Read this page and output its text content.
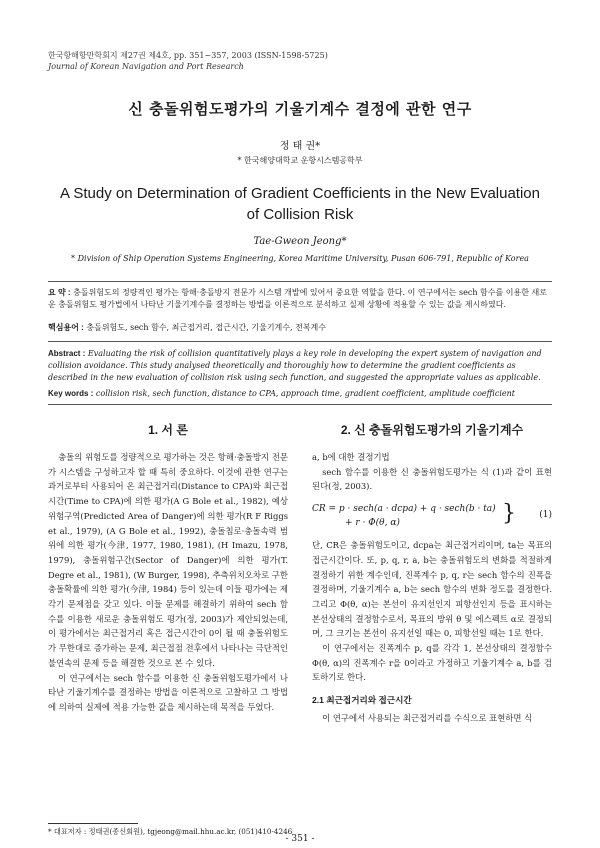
한국항해항만학회지 제27권 제4호, pp. 351~357, 2003 (ISSN-1598-5725)
Journal of Korean Navigation and Port Research
신 충돌위험도평가의 기울기계수 결정에 관한 연구
정 태 권*
* 한국해양대학교 운항시스템공학부
A Study on Determination of Gradient Coefficients in the New Evaluation of Collision Risk
Tae-Gweon Jeong*
* Division of Ship Operation Systems Engineering, Korea Maritime University, Pusan 606-791, Republic of Korea
요 약 : 충돌위험도의 정량적인 평가는 항해·충돌방지 전문가 시스템 개발에 있어서 중요한 역할을 한다. 이 연구에서는 sech 함수를 이용한 새로운 충돌위험도 평가법에서 나타난 기울기계수를 결정하는 방법을 이론적으로 분석하고 실제 상황에 적용할 수 있는 값을 제시하였다.
핵심용어 : 충돌위험도, sech 함수, 최근접거리, 접근시간, 기울기계수, 전복계수
Abstract : Evaluating the risk of collision quantitatively plays a key role in developing the expert system of navigation and collision avoidance. This study analysed theoretically and thoroughly how to determine the gradient coefficients as described in the new evaluation of collision risk using sech function, and suggested the appropriate values as applicable.
Key words : collision risk, sech function, distance to CPA, approach time, gradient coefficient, amplitude coefficient
1. 서 론

충돌의 위험도를 정량적으로 평가하는 것은 항해·충돌방지 전문가 시스템을 구성하고자 할 때 특히 중요하다. 이것에 관한 연구는 과거로부터 사용되어 온 최근접거리(Distance to CPA)와 최근접시간(Time to CPA)에 의한 평가(A G Bole et al., 1982), 예상위험구역(Predicted Area of Danger)에 의한 평가(R F Riggs et al., 1979), (A G Bole et al., 1992), 충돌침로·충돌속력 범위에 의한 평가(今津, 1977, 1980, 1981), (H Imazu, 1978, 1979), 충돌위험구간(Sector of Danger)에 의한 평가(T. Degre et al., 1981), (W Burger, 1998), 추측위치오차로 구한 충돌확률에 의한 평가(今津, 1984) 등이 있는데 이들 평가에는 제각기 문제점을 갖고 있다. 이들 문제를 해결하기 위하여 sech 함수를 이용한 새로운 충돌위험도 평가(정, 2003)가 제안되었는데, 이 평가에서는 최근접거리 혹은 접근시간이 0이 될 때 충돌위험도가 무한대로 증가하는 문제, 최근접점 전후에서 나타나는 극단적인 불연속의 문제 등을 해결한 것으로 본 수 있다.

이 연구에서는 sech 함수를 이용한 신 충돌위험도평가에서 나타난 기울기계수를 결정하는 방법을 이론적으로 고찰하고 그 방법에 의하여 실제에 적용 가능한 값을 제시하는데 목적을 두었다.

2. 신 충돌위험도평가의 기울기계수

a, b에 대한 결정기법

sech 함수를 이용한 신 충돌위험도평가는 식 (1)과 같이 표현된다(정, 2003).

CR = p · sech(a · dcpa) + q · sech(b · ta)
+ r · Φ(θ, α)	}	(1)

단, CR은 충돌위험도이고, dcpa는 최근접거리이며, ta는 목표의 접근시간이다. 또, p, q, r, a, b는 충돌위험도의 변화를 적절하게 결정하기 위한 계수인데, 진폭계수 p, q, r는 sech 함수의 진폭을 결정하며, 기울기계수 a, b는 sech 함수의 변화 정도를 결정한다. 그리고 Φ(θ, α)는 본선이 유지선인지 피항선인지 등을 표시하는 본선상태의 결정함수로서, 목표의 방위 θ 및 에스펙트 α로 결정되며, 그 크기는 본선이 유지선일 때는 0, 피항선일 때는 1로 한다.

이 연구에서는 진폭계수 p, q를 각각 1, 본선상태의 결정함수 Φ(θ, α)의 진폭계수 r을 0이라고 가정하고 기울기계수 a, b를 검토하기로 한다.

2.1 최근접거리와 접근시간

이 연구에서 사용되는 최근접거리를 수식으로 표현하면 식

* 대표저자 : 정태권(종신회원), tgjeong@mail.hhu.ac.kr, (051)410-4246
- 351 -
